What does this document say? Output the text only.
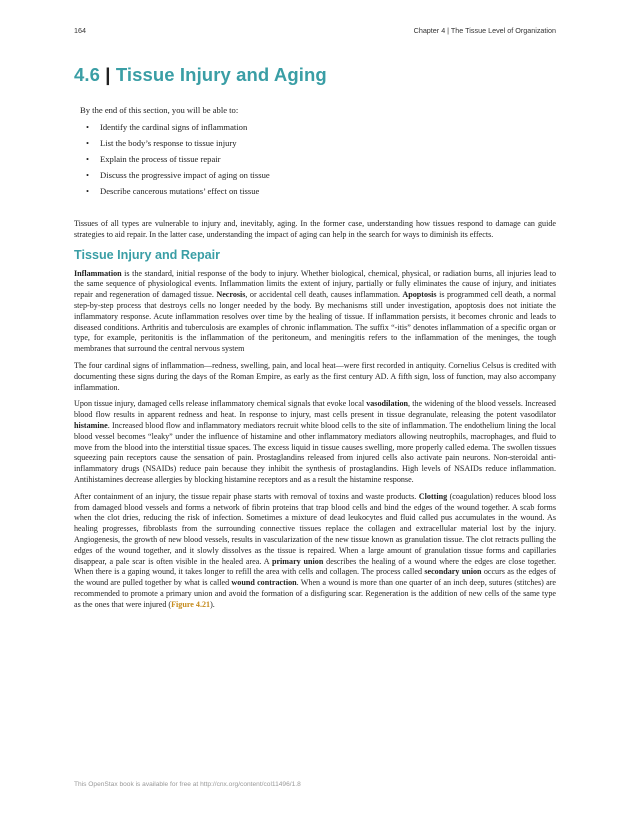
164	Chapter 4 | The Tissue Level of Organization
4.6 | Tissue Injury and Aging

By the end of this section, you will be able to:

• Identify the cardinal signs of inflammation
• List the body’s response to tissue injury
• Explain the process of tissue repair
• Discuss the progressive impact of aging on tissue
• Describe cancerous mutations’ effect on tissue

Tissues of all types are vulnerable to injury and, inevitably, aging. In the former case, understanding how tissues respond to damage can guide strategies to aid repair. In the latter case, understanding the impact of aging can help in the search for ways to diminish its effects.

Tissue Injury and Repair

Inflammation is the standard, initial response of the body to injury. Whether biological, chemical, physical, or radiation burns, all injuries lead to the same sequence of physiological events. Inflammation limits the extent of injury, partially or fully eliminates the cause of injury, and initiates repair and regeneration of damaged tissue. Necrosis, or accidental cell death, causes inflammation. Apoptosis is programmed cell death, a normal step-by-step process that destroys cells no longer needed by the body. By mechanisms still under investigation, apoptosis does not initiate the inflammatory response. Acute inflammation resolves over time by the healing of tissue. If inflammation persists, it becomes chronic and leads to diseased conditions. Arthritis and tuberculosis are examples of chronic inflammation. The suffix “-itis” denotes inflammation of a specific organ or type, for example, peritonitis is the inflammation of the peritoneum, and meningitis refers to the inflammation of the meninges, the tough membranes that surround the central nervous system

The four cardinal signs of inflammation—redness, swelling, pain, and local heat—were first recorded in antiquity. Cornelius Celsus is credited with documenting these signs during the days of the Roman Empire, as early as the first century AD. A fifth sign, loss of function, may also accompany inflammation.

Upon tissue injury, damaged cells release inflammatory chemical signals that evoke local vasodilation, the widening of the blood vessels. Increased blood flow results in apparent redness and heat. In response to injury, mast cells present in tissue degranulate, releasing the potent vasodilator histamine. Increased blood flow and inflammatory mediators recruit white blood cells to the site of inflammation. The endothelium lining the local blood vessel becomes “leaky” under the influence of histamine and other inflammatory mediators allowing neutrophils, macrophages, and fluid to move from the blood into the interstitial tissue spaces. The excess liquid in tissue causes swelling, more properly called edema. The swollen tissues squeezing pain receptors cause the sensation of pain. Prostaglandins released from injured cells also activate pain neurons. Non-steroidal anti-inflammatory drugs (NSAIDs) reduce pain because they inhibit the synthesis of prostaglandins. High levels of NSAIDs reduce inflammation. Antihistamines decrease allergies by blocking histamine receptors and as a result the histamine response.

After containment of an injury, the tissue repair phase starts with removal of toxins and waste products. Clotting (coagulation) reduces blood loss from damaged blood vessels and forms a network of fibrin proteins that trap blood cells and bind the edges of the wound together. A scab forms when the clot dries, reducing the risk of infection. Sometimes a mixture of dead leukocytes and fluid called pus accumulates in the wound. As healing progresses, fibroblasts from the surrounding connective tissues replace the collagen and extracellular material lost by the injury. Angiogenesis, the growth of new blood vessels, results in vascularization of the new tissue known as granulation tissue. The clot retracts pulling the edges of the wound together, and it slowly dissolves as the tissue is repaired. When a large amount of granulation tissue forms and capillaries disappear, a pale scar is often visible in the healed area. A primary union describes the healing of a wound where the edges are close together. When there is a gaping wound, it takes longer to refill the area with cells and collagen. The process called secondary union occurs as the edges of the wound are pulled together by what is called wound contraction. When a wound is more than one quarter of an inch deep, sutures (stitches) are recommended to promote a primary union and avoid the formation of a disfiguring scar. Regeneration is the addition of new cells of the same type as the ones that were injured (Figure 4.21).

This OpenStax book is available for free at http://cnx.org/content/col11496/1.8
